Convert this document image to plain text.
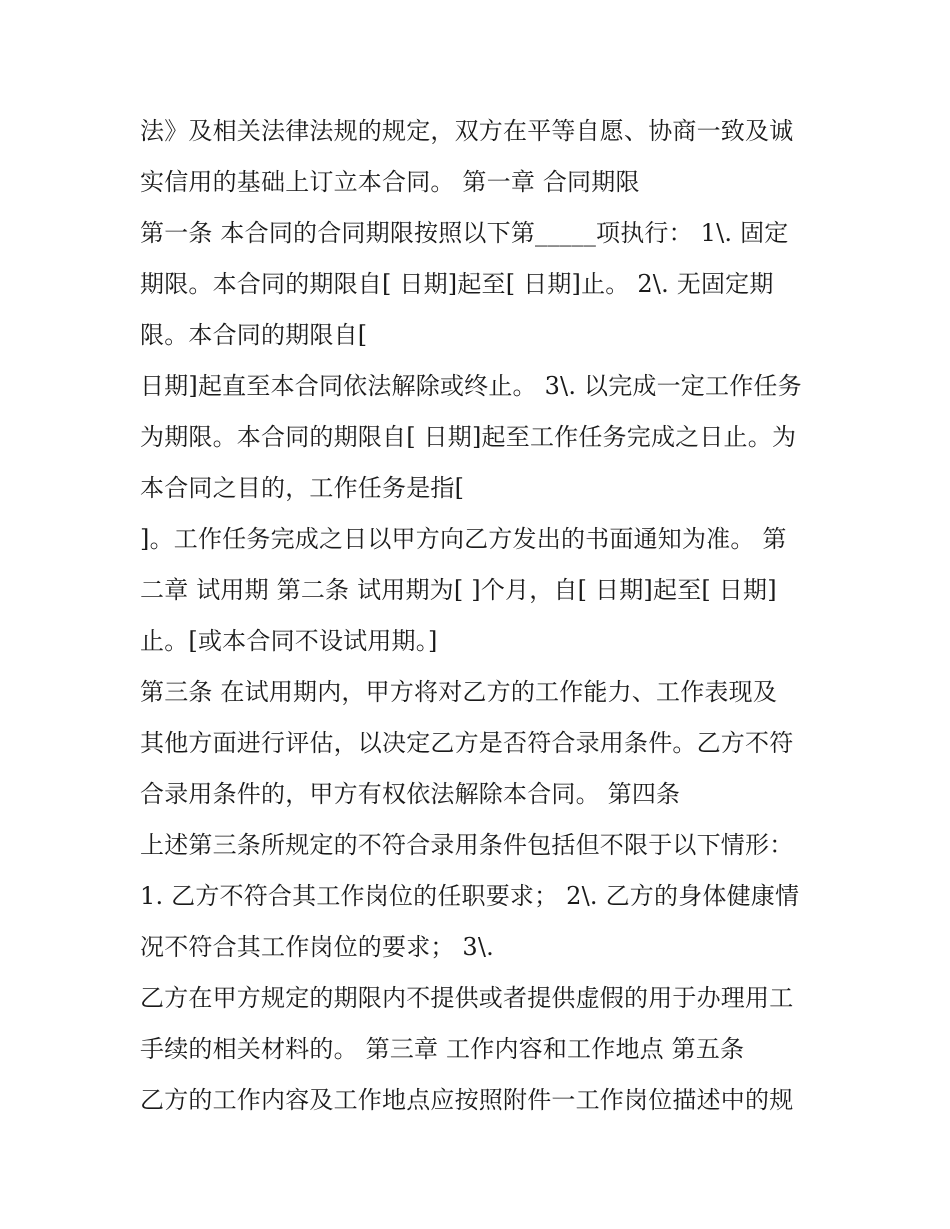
法》及相关法律法规的规定，双方在平等自愿、协商一致及诚
实信用的基础上订立本合同。 第一章 合同期限
第一条 本合同的合同期限按照以下第_____项执行： 1\. 固定
期限。本合同的期限自[ 日期]起至[ 日期]止。 2\. 无固定期
限。本合同的期限自[
日期]起直至本合同依法解除或终止。 3\. 以完成一定工作任务
为期限。本合同的期限自[ 日期]起至工作任务完成之日止。为
本合同之目的，工作任务是指[
]。工作任务完成之日以甲方向乙方发出的书面通知为准。 第
二章 试用期 第二条 试用期为[ ]个月，自[ 日期]起至[ 日期]
止。[或本合同不设试用期。]
第三条 在试用期内，甲方将对乙方的工作能力、工作表现及
其他方面进行评估，以决定乙方是否符合录用条件。乙方不符
合录用条件的，甲方有权依法解除本合同。 第四条
上述第三条所规定的不符合录用条件包括但不限于以下情形：
1. 乙方不符合其工作岗位的任职要求； 2\. 乙方的身体健康情
况不符合其工作岗位的要求； 3\.
乙方在甲方规定的期限内不提供或者提供虚假的用于办理用工
手续的相关材料的。 第三章 工作内容和工作地点 第五条
乙方的工作内容及工作地点应按照附件一工作岗位描述中的规
